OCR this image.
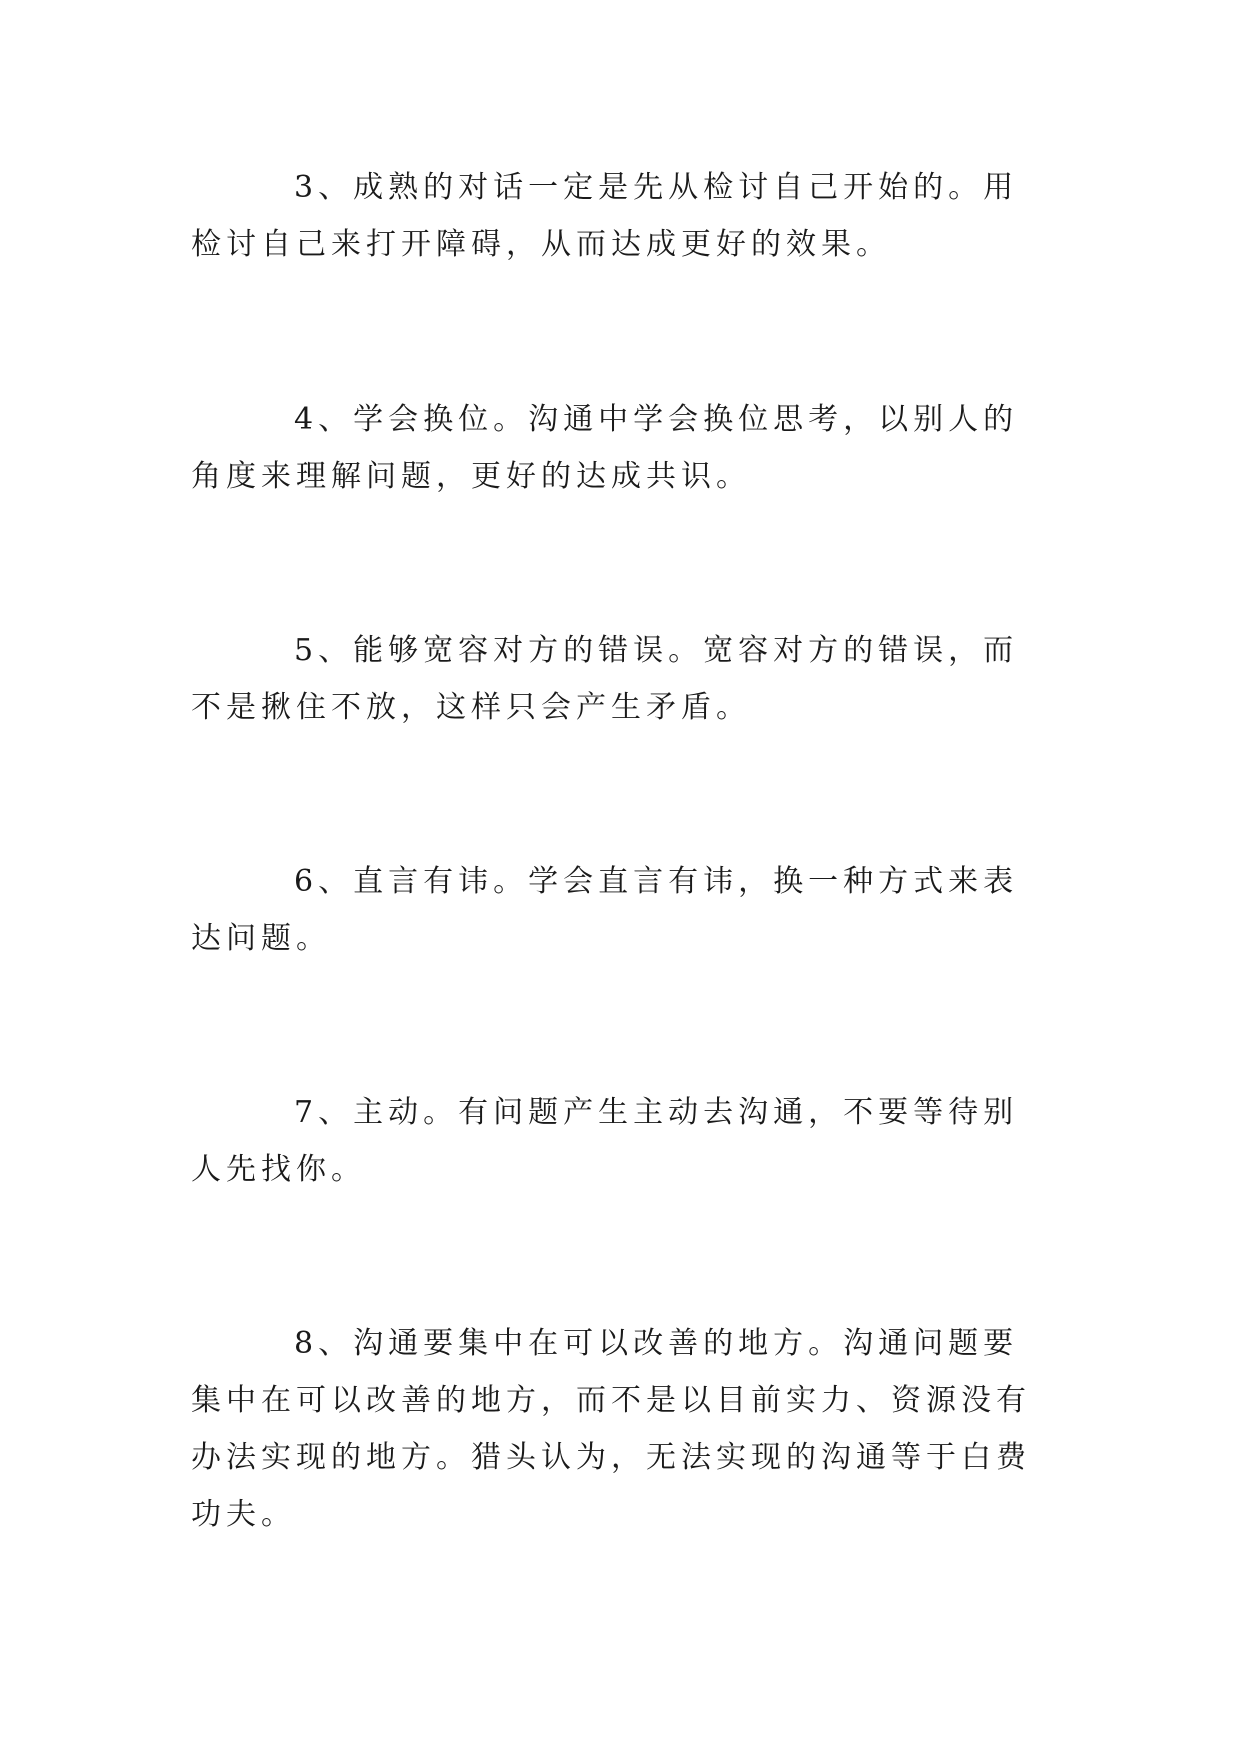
3、成熟的对话一定是先从检讨自己开始的。用检讨自己来打开障碍，从而达成更好的效果。

4、学会换位。沟通中学会换位思考，以别人的角度来理解问题，更好的达成共识。

5、能够宽容对方的错误。宽容对方的错误，而不是揪住不放，这样只会产生矛盾。

6、直言有讳。学会直言有讳，换一种方式来表达问题。

7、主动。有问题产生主动去沟通，不要等待别人先找你。

8、沟通要集中在可以改善的地方。沟通问题要集中在可以改善的地方，而不是以目前实力、资源没有办法实现的地方。猎头认为，无法实现的沟通等于白费功夫。
